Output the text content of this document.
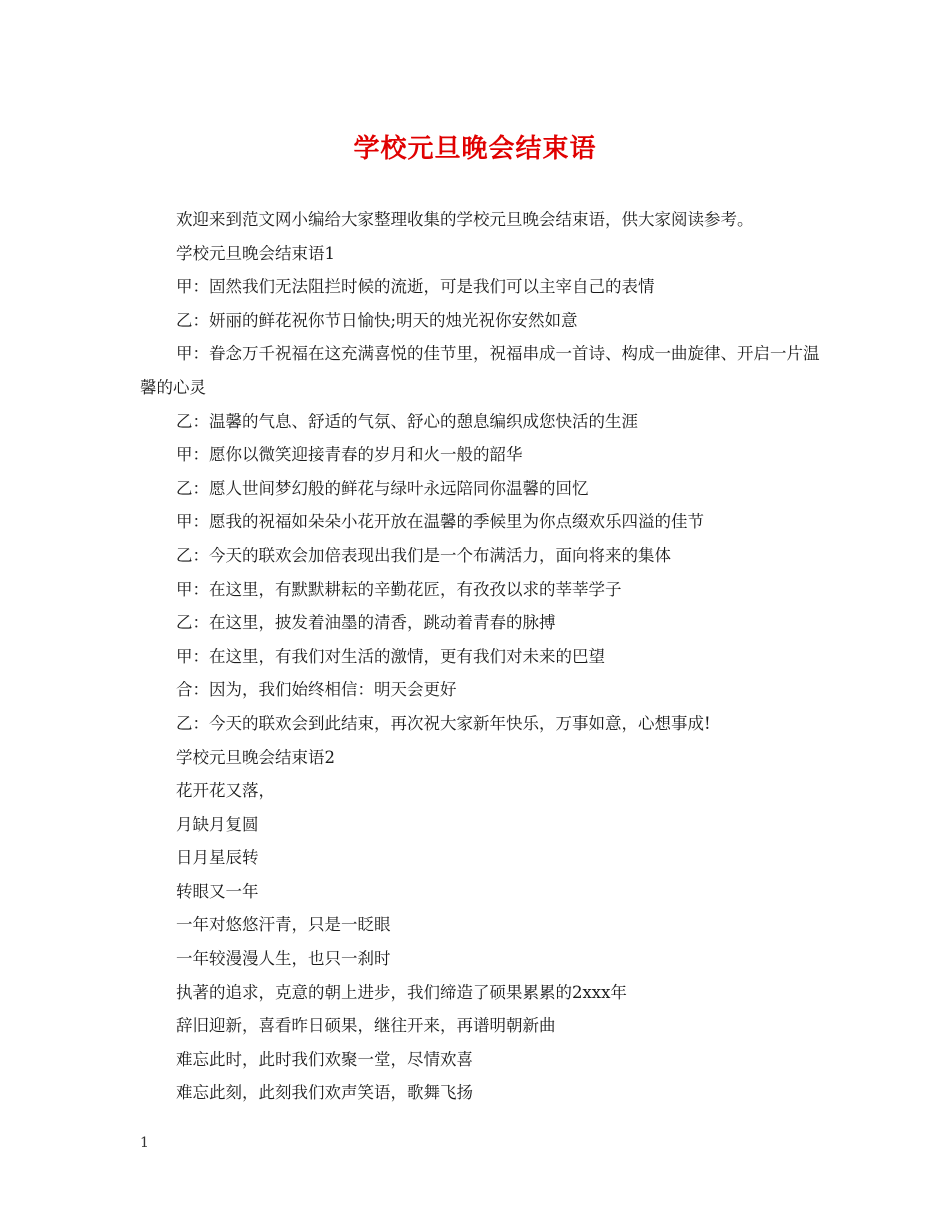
学校元旦晚会结束语

欢迎来到范文网小编给大家整理收集的学校元旦晚会结束语，供大家阅读参考。

学校元旦晚会结束语1

甲：固然我们无法阻拦时候的流逝，可是我们可以主宰自己的表情

乙：妍丽的鲜花祝你节日愉快;明天的烛光祝你安然如意

甲：眷念万千祝福在这充满喜悦的佳节里，祝福串成一首诗、构成一曲旋律、开启一片温馨的心灵

乙：温馨的气息、舒适的气氛、舒心的憩息编织成您快活的生涯

甲：愿你以微笑迎接青春的岁月和火一般的韶华

乙：愿人世间梦幻般的鲜花与绿叶永远陪同你温馨的回忆

甲：愿我的祝福如朵朵小花开放在温馨的季候里为你点缀欢乐四溢的佳节

乙：今天的联欢会加倍表现出我们是一个布满活力，面向将来的集体

甲：在这里，有默默耕耘的辛勤花匠，有孜孜以求的莘莘学子

乙：在这里，披发着油墨的清香，跳动着青春的脉搏

甲：在这里，有我们对生活的激情，更有我们对未来的巴望

合：因为，我们始终相信：明天会更好

乙：今天的联欢会到此结束，再次祝大家新年快乐，万事如意，心想事成!

学校元旦晚会结束语2

花开花又落，

月缺月复圆

日月星辰转

转眼又一年

一年对悠悠汗青，只是一眨眼

一年较漫漫人生，也只一刹时

执著的追求，克意的朝上进步，我们缔造了硕果累累的2xxx年

辞旧迎新，喜看昨日硕果，继往开来，再谱明朝新曲

难忘此时，此时我们欢聚一堂，尽情欢喜

难忘此刻，此刻我们欢声笑语，歌舞飞扬

1
